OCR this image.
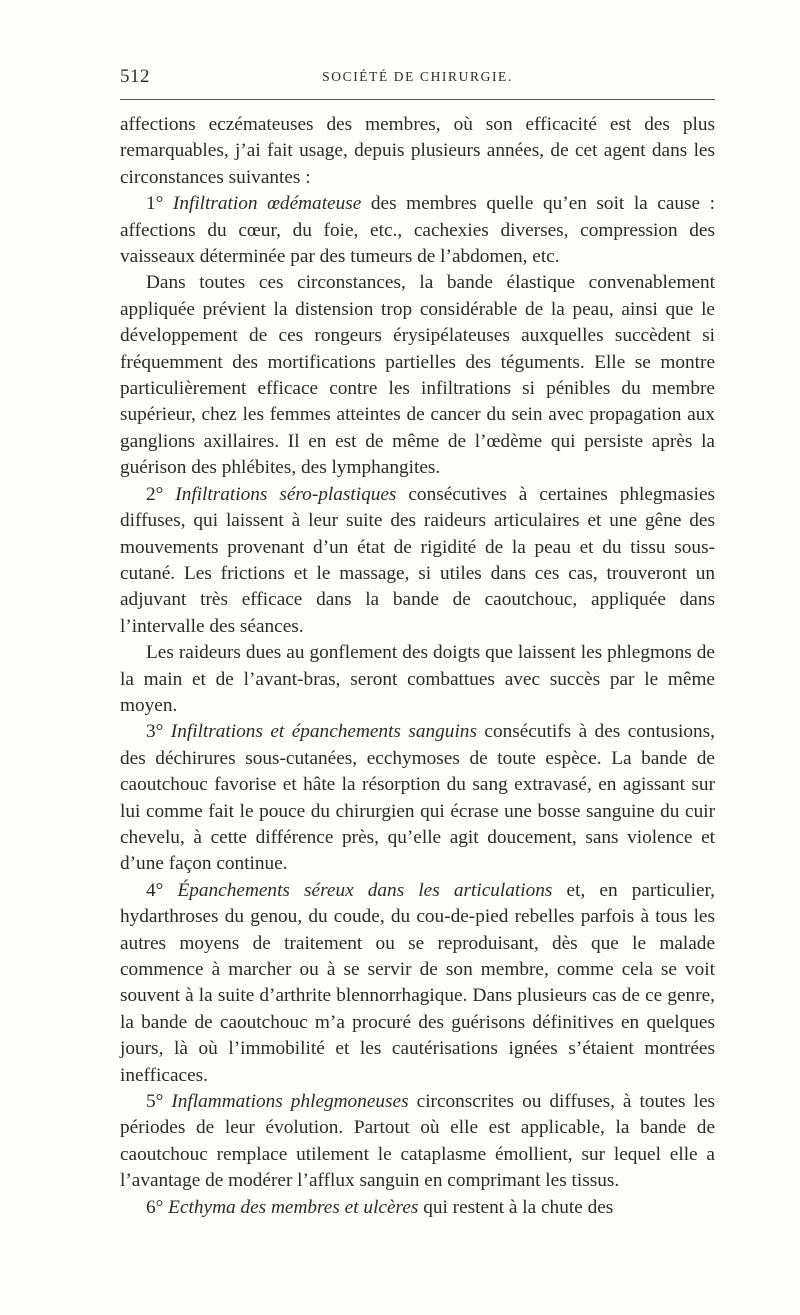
512	SOCIÉTÉ DE CHIRURGIE.

affections eczémateuses des membres, où son efficacité est des plus remarquables, j’ai fait usage, depuis plusieurs années, de cet agent dans les circonstances suivantes :

1° Infiltration œdémateuse des membres quelle qu’en soit la cause : affections du cœur, du foie, etc., cachexies diverses, compression des vaisseaux déterminée par des tumeurs de l’abdomen, etc.

Dans toutes ces circonstances, la bande élastique convenablement appliquée prévient la distension trop considérable de la peau, ainsi que le développement de ces rongeurs érysipélateuses auxquelles succèdent si fréquemment des mortifications partielles des téguments. Elle se montre particulièrement efficace contre les infiltrations si pénibles du membre supérieur, chez les femmes atteintes de cancer du sein avec propagation aux ganglions axillaires. Il en est de même de l’œdème qui persiste après la guérison des phlébites, des lymphangites.

2° Infiltrations séro-plastiques consécutives à certaines phlegmasies diffuses, qui laissent à leur suite des raideurs articulaires et une gêne des mouvements provenant d’un état de rigidité de la peau et du tissu sous-cutané. Les frictions et le massage, si utiles dans ces cas, trouveront un adjuvant très efficace dans la bande de caoutchouc, appliquée dans l’intervalle des séances.

Les raideurs dues au gonflement des doigts que laissent les phlegmons de la main et de l’avant-bras, seront combattues avec succès par le même moyen.

3° Infiltrations et épanchements sanguins consécutifs à des contusions, des déchirures sous-cutanées, ecchymoses de toute espèce. La bande de caoutchouc favorise et hâte la résorption du sang extravasé, en agissant sur lui comme fait le pouce du chirurgien qui écrase une bosse sanguine du cuir chevelu, à cette différence près, qu’elle agit doucement, sans violence et d’une façon continue.

4° Épanchements séreux dans les articulations et, en particulier, hydarthroses du genou, du coude, du cou-de-pied rebelles parfois à tous les autres moyens de traitement ou se reproduisant, dès que le malade commence à marcher ou à se servir de son membre, comme cela se voit souvent à la suite d’arthrite blennorrhagique. Dans plusieurs cas de ce genre, la bande de caoutchouc m’a procuré des guérisons définitives en quelques jours, là où l’immobilité et les cautérisations ignées s’étaient montrées inefficaces.

5° Inflammations phlegmoneuses circonscrites ou diffuses, à toutes les périodes de leur évolution. Partout où elle est applicable, la bande de caoutchouc remplace utilement le cataplasme émollient, sur lequel elle a l’avantage de modérer l’afflux sanguin en comprimant les tissus.

6° Ecthyma des membres et ulcères qui restent à la chute des
